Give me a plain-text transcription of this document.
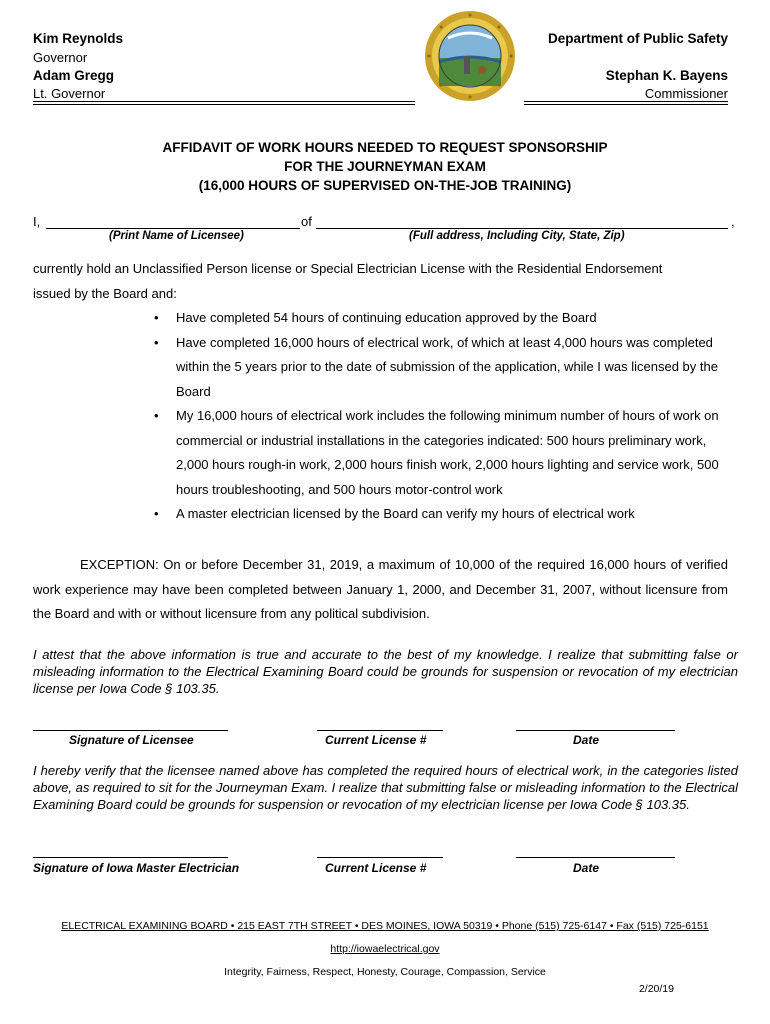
Kim Reynolds
Governor
Adam Gregg
Lt. Governor
Department of Public Safety
Stephan K. Bayens
Commissioner
AFFIDAVIT OF WORK HOURS NEEDED TO REQUEST SPONSORSHIP
FOR THE JOURNEYMAN EXAM
(16,000 HOURS OF SUPERVISED ON-THE-JOB TRAINING)
I,	of	,
(Print Name of Licensee)	(Full address, Including City, State, Zip)
currently hold an Unclassified Person license or Special Electrician License with the Residential Endorsement
issued by the Board and:
• Have completed 54 hours of continuing education approved by the Board
• Have completed 16,000 hours of electrical work, of which at least 4,000 hours was completed within the 5 years prior to the date of submission of the application, while I was licensed by the Board
• My 16,000 hours of electrical work includes the following minimum number of hours of work on commercial or industrial installations in the categories indicated: 500 hours preliminary work, 2,000 hours rough-in work, 2,000 hours finish work, 2,000 hours lighting and service work, 500 hours troubleshooting, and 500 hours motor-control work
• A master electrician licensed by the Board can verify my hours of electrical work
EXCEPTION: On or before December 31, 2019, a maximum of 10,000 of the required 16,000 hours of verified work experience may have been completed between January 1, 2000, and December 31, 2007, without licensure from the Board and with or without licensure from any political subdivision.
I attest that the above information is true and accurate to the best of my knowledge. I realize that submitting false or misleading information to the Electrical Examining Board could be grounds for suspension or revocation of my electrician license per Iowa Code § 103.35.
Signature of Licensee	Current License #	Date
I hereby verify that the licensee named above has completed the required hours of electrical work, in the categories listed above, as required to sit for the Journeyman Exam. I realize that submitting false or misleading information to the Electrical Examining Board could be grounds for suspension or revocation of my electrician license per Iowa Code § 103.35.
Signature of Iowa Master Electrician	Current License #	Date
ELECTRICAL EXAMINING BOARD • 215 EAST 7TH STREET • DES MOINES, IOWA 50319 • Phone (515) 725-6147 • Fax (515) 725-6151
http://iowaelectrical.gov
Integrity, Fairness, Respect, Honesty, Courage, Compassion, Service
2/20/19
